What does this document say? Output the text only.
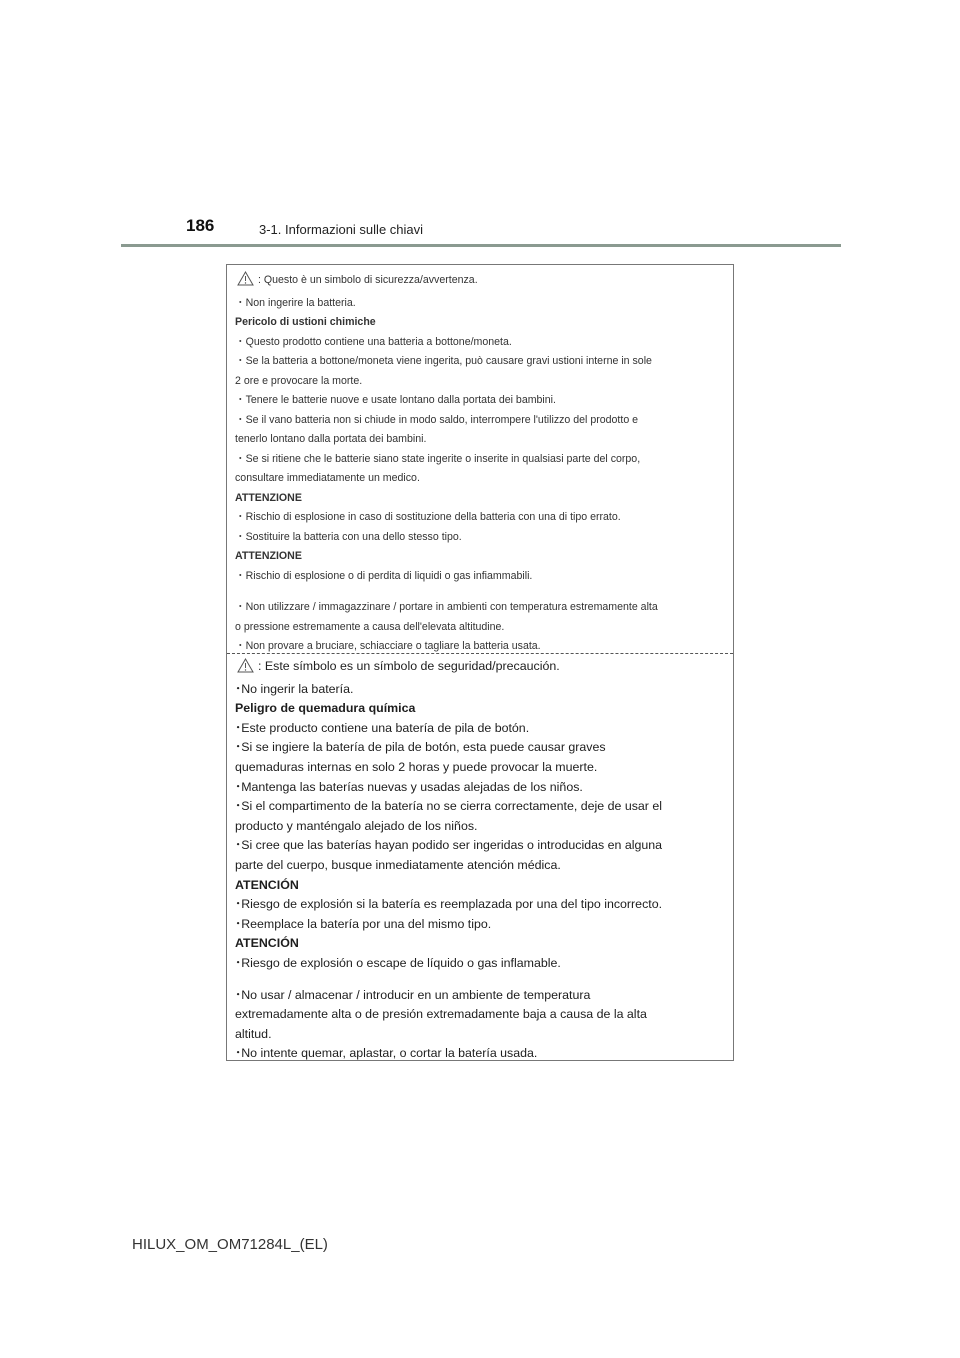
186	3-1. Informazioni sulle chiavi
: Questo è un simbolo di sicurezza/avvertenza.
・Non ingerire la batteria.
Pericolo di ustioni chimiche
・Questo prodotto contiene una batteria a bottone/moneta.
・Se la batteria a bottone/moneta viene ingerita, può causare gravi ustioni interne in sole
2 ore e provocare la morte.
・Tenere le batterie nuove e usate lontano dalla portata dei bambini.
・Se il vano batteria non si chiude in modo saldo, interrompere l'utilizzo del prodotto e
tenerlo lontano dalla portata dei bambini.
・Se si ritiene che le batterie siano state ingerite o inserite in qualsiasi parte del corpo,
consultare immediatamente un medico.
ATTENZIONE
・Rischio di esplosione in caso di sostituzione della batteria con una di tipo errato.
・Sostituire la batteria con una dello stesso tipo.
ATTENZIONE
・Rischio di esplosione o di perdita di liquidi o gas infiammabili.
・Non utilizzare / immagazzinare / portare in ambienti con temperatura estremamente alta
o pressione estremamente a causa dell'elevata altitudine.
・Non provare a bruciare, schiacciare o tagliare la batteria usata.
: Este símbolo es un símbolo de seguridad/precaución.
･No ingerir la batería.
Peligro de quemadura química
･Este producto contiene una batería de pila de botón.
･Si se ingiere la batería de pila de botón, esta puede causar graves
quemaduras internas en solo 2 horas y puede provocar la muerte.
･Mantenga las baterías nuevas y usadas alejadas de los niños.
･Si el compartimento de la batería no se cierra correctamente, deje de usar el
producto y manténgalo alejado de los niños.
･Si cree que las baterías hayan podido ser ingeridas o introducidas en alguna
parte del cuerpo, busque inmediatamente atención médica.
ATENCIÓN
･Riesgo de explosión si la batería es reemplazada por una del tipo incorrecto.
･Reemplace la batería por una del mismo tipo.
ATENCIÓN
･Riesgo de explosión o escape de líquido o gas inflamable.
･No usar / almacenar / introducir en un ambiente de temperatura
extremadamente alta o de presión extremadamente baja a causa de la alta
altitud.
･No intente quemar, aplastar, o cortar la batería usada.
HILUX_OM_OM71284L_(EL)
